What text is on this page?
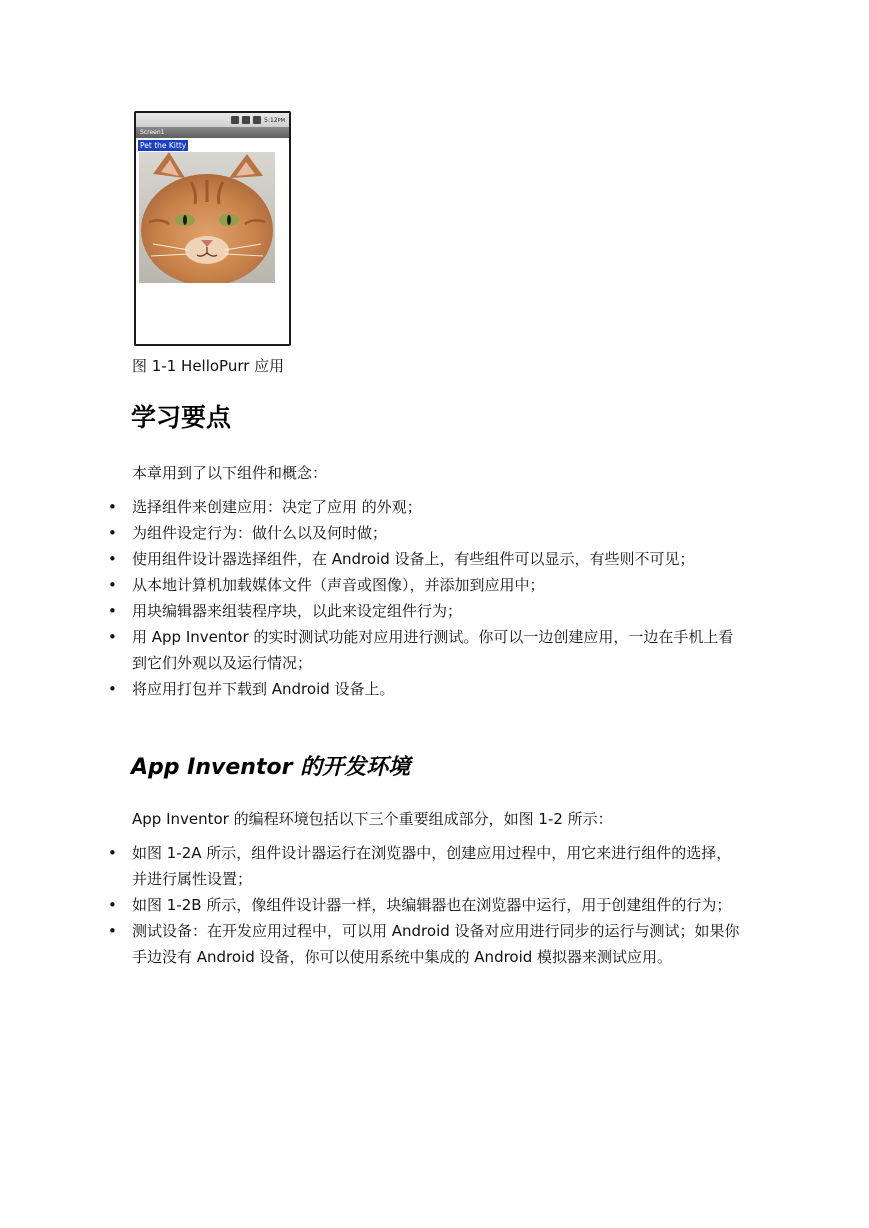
5:12PM
Screen1
Pet the Kitty
图 1-1 HelloPurr 应用
学习要点

本章用到了以下组件和概念：

• 选择组件来创建应用：决定了应用 的外观；
• 为组件设定行为：做什么以及何时做；
• 使用组件设计器选择组件，在 Android 设备上，有些组件可以显示，有些则不可见；
• 从本地计算机加载媒体文件（声音或图像），并添加到应用中；
• 用块编辑器来组装程序块，以此来设定组件行为；
• 用 App Inventor 的实时测试功能对应用进行测试。你可以一边创建应用，一边在手机上看到它们外观以及运行情况；
• 将应用打包并下载到 Android 设备上。
App Inventor 的开发环境

App Inventor 的编程环境包括以下三个重要组成部分，如图 1-2 所示：

• 如图 1-2A 所示，组件设计器运行在浏览器中，创建应用过程中，用它来进行组件的选择，并进行属性设置；
• 如图 1-2B 所示，像组件设计器一样，块编辑器也在浏览器中运行，用于创建组件的行为；
• 测试设备：在开发应用过程中，可以用 Android 设备对应用进行同步的运行与测试；如果你手边没有 Android 设备，你可以使用系统中集成的 Android 模拟器来测试应用。
